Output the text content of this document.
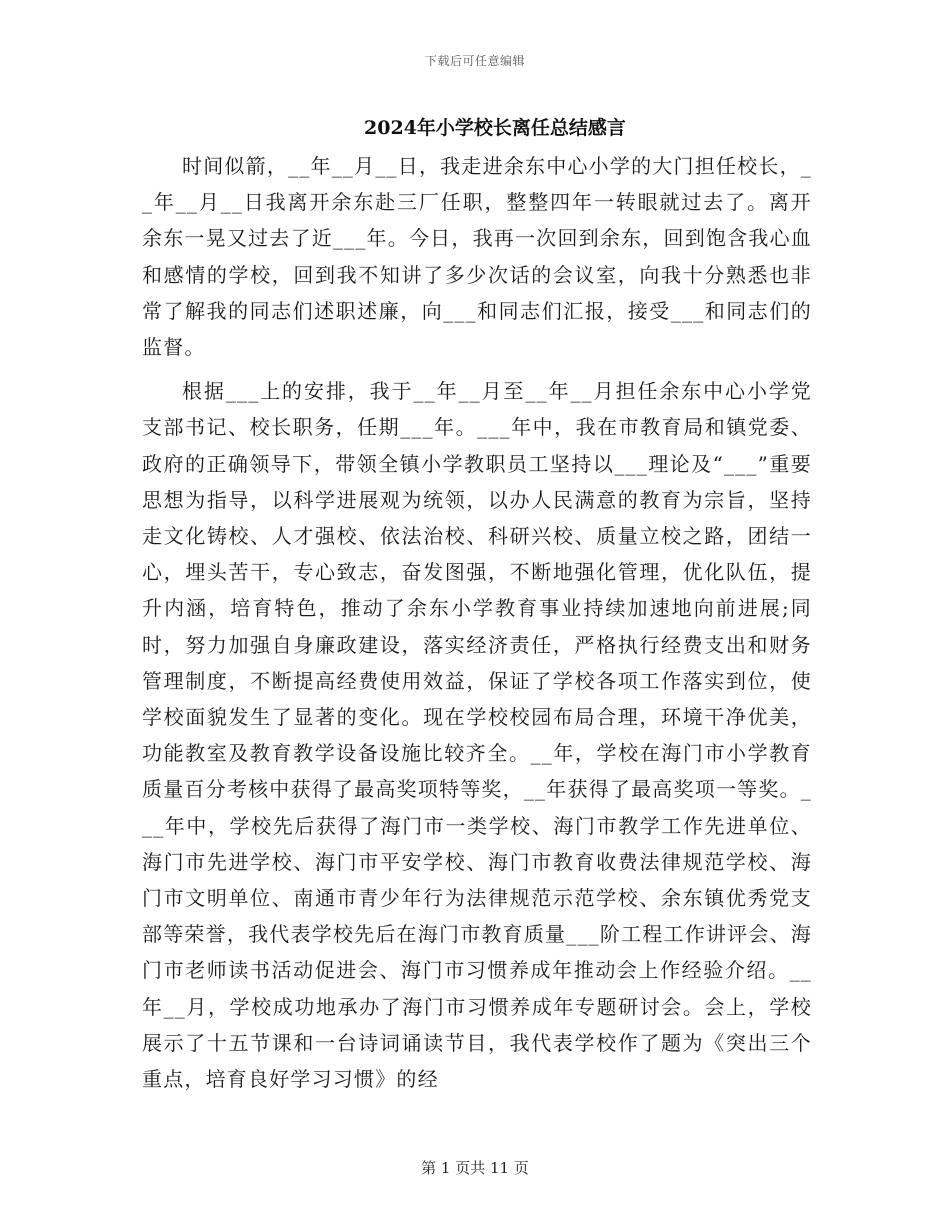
下载后可任意编辑
2024年小学校长离任总结感言

时间似箭，__年__月__日，我走进余东中心小学的大门担任校长，__年__月__日我离开余东赴三厂任职，整整四年一转眼就过去了。离开余东一晃又过去了近___年。今日，我再一次回到余东，回到饱含我心血和感情的学校，回到我不知讲了多少次话的会议室，向我十分熟悉也非常了解我的同志们述职述廉，向___和同志们汇报，接受___和同志们的监督。

根据___上的安排，我于__年__月至__年__月担任余东中心小学党支部书记、校长职务，任期___年。___年中，我在市教育局和镇党委、政府的正确领导下，带领全镇小学教职员工坚持以___理论及“___”重要思想为指导，以科学进展观为统领，以办人民满意的教育为宗旨，坚持走文化铸校、人才强校、依法治校、科研兴校、质量立校之路，团结一心，埋头苦干，专心致志，奋发图强，不断地强化管理，优化队伍，提升内涵，培育特色，推动了余东小学教育事业持续加速地向前进展;同时，努力加强自身廉政建设，落实经济责任，严格执行经费支出和财务管理制度，不断提高经费使用效益，保证了学校各项工作落实到位，使学校面貌发生了显著的变化。现在学校校园布局合理，环境干净优美，功能教室及教育教学设备设施比较齐全。__年，学校在海门市小学教育质量百分考核中获得了最高奖项特等奖，__年获得了最高奖项一等奖。___年中，学校先后获得了海门市一类学校、海门市教学工作先进单位、海门市先进学校、海门市平安学校、海门市教育收费法律规范学校、海门市文明单位、南通市青少年行为法律规范示范学校、余东镇优秀党支部等荣誉，我代表学校先后在海门市教育质量___阶工程工作讲评会、海门市老师读书活动促进会、海门市习惯养成年推动会上作经验介绍。__年__月，学校成功地承办了海门市习惯养成年专题研讨会。会上，学校展示了十五节课和一台诗词诵读节目，我代表学校作了题为《突出三个重点，培育良好学习习惯》的经

第 1 页共 11 页
